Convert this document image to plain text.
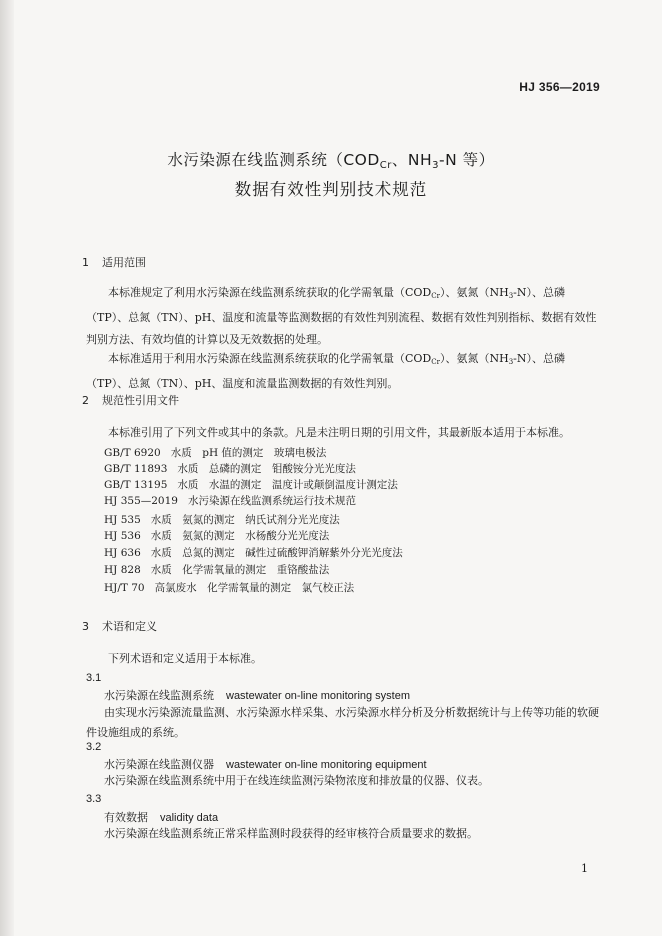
HJ 356—2019
水污染源在线监测系统（$COD_{Cr}$、$NH_3-N$ 等）
数据有效性判别技术规范
1 适用范围
本标准规定了利用水污染源在线监测系统获取的化学需氧量$(COD_{Cr})$、氨氮$(NH_3-N)$、总磷（TP）、总氮（TN）、pH、温度和流量等监测数据的有效性判别流程、数据有效性判别指标、数据有效性判别方法、有效均值的计算以及无效数据的处理。
本标准适用于利用水污染源在线监测系统获取的化学需氧量$(COD_{Cr})$、氨氮$(NH_3-N)$、总磷（TP）、总氮（TN）、pH、温度和流量监测数据的有效性判别。
2 规范性引用文件
本标准引用了下列文件或其中的条款。凡是未注明日期的引用文件，其最新版本适用于本标准。
GB/T 6920 水质　pH 值的测定　玻璃电极法
GB/T 11893 水质　总磷的测定　钼酸铵分光光度法
GB/T 13195 水质　水温的测定　温度计或颠倒温度计测定法
HJ 355—2019 水污染源在线监测系统运行技术规范
HJ 535 水质　氨氮的测定　纳氏试剂分光光度法
HJ 536 水质　氨氮的测定　水杨酸分光光度法
HJ 636 水质　总氮的测定　碱性过硫酸钾消解紫外分光光度法
HJ 828 水质　化学需氧量的测定　重铬酸盐法
HJ/T 70 高氯废水　化学需氧量的测定　氯气校正法
3 术语和定义
下列术语和定义适用于本标准。
3.1
水污染源在线监测系统 wastewater on-line monitoring system
由实现水污染源流量监测、水污染源水样采集、水污染源水样分析及分析数据统计与上传等功能的软硬件设施组成的系统。
3.2
水污染源在线监测仪器 wastewater on-line monitoring equipment
水污染源在线监测系统中用于在线连续监测污染物浓度和排放量的仪器、仪表。
3.3
有效数据 validity data
水污染源在线监测系统正常采样监测时段获得的经审核符合质量要求的数据。
1
